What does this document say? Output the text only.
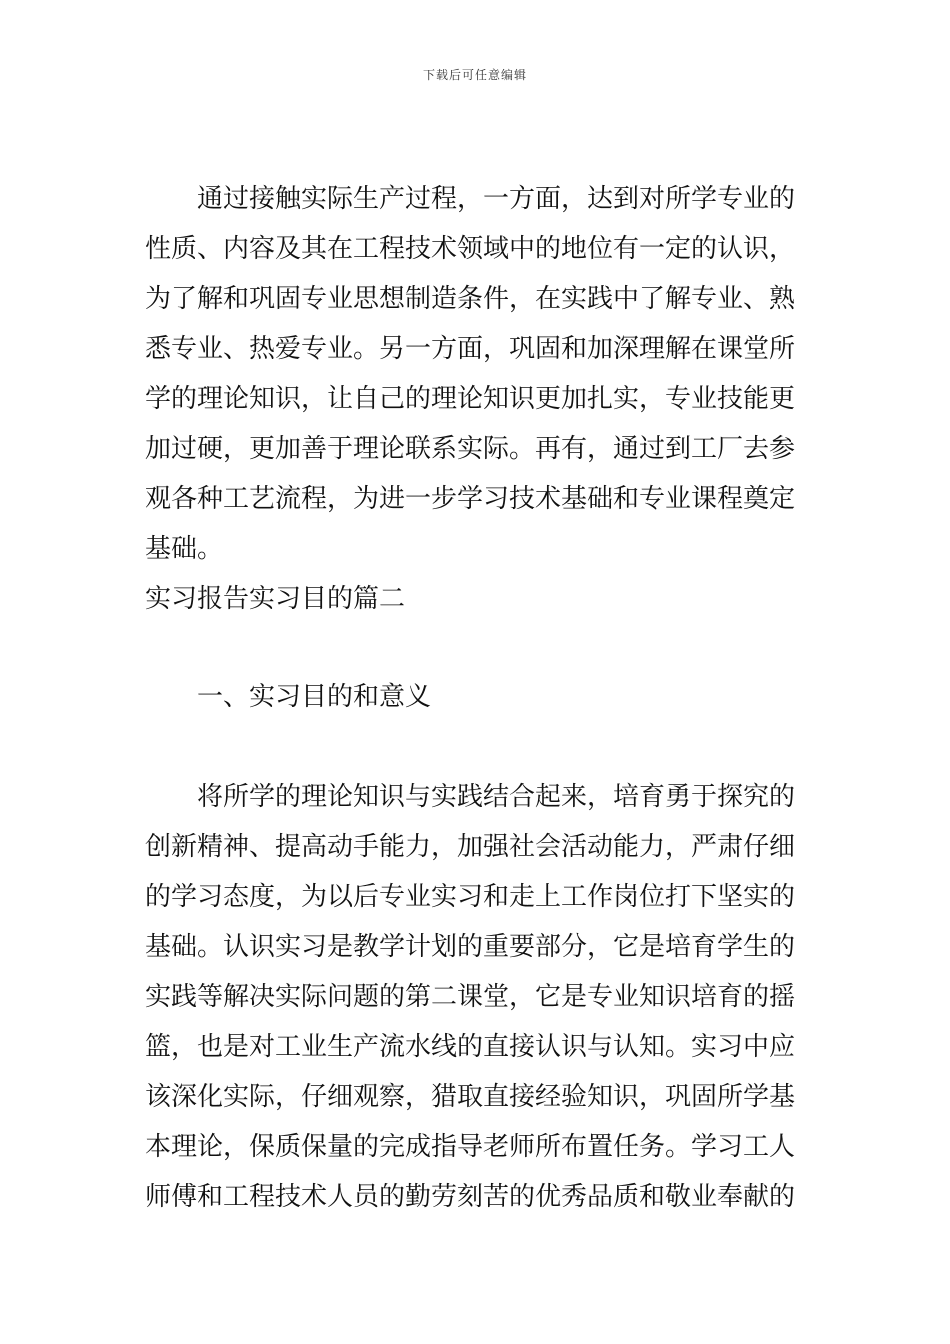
下载后可任意编辑
通过接触实际生产过程，一方面，达到对所学专业的
性质、内容及其在工程技术领域中的地位有一定的认识，
为了解和巩固专业思想制造条件，在实践中了解专业、熟
悉专业、热爱专业。另一方面，巩固和加深理解在课堂所
学的理论知识，让自己的理论知识更加扎实，专业技能更
加过硬，更加善于理论联系实际。再有，通过到工厂去参
观各种工艺流程，为进一步学习技术基础和专业课程奠定
基础。
实习报告实习目的篇二
一、实习目的和意义
将所学的理论知识与实践结合起来，培育勇于探究的
创新精神、提高动手能力，加强社会活动能力，严肃仔细
的学习态度，为以后专业实习和走上工作岗位打下坚实的
基础。认识实习是教学计划的重要部分，它是培育学生的
实践等解决实际问题的第二课堂，它是专业知识培育的摇
篮，也是对工业生产流水线的直接认识与认知。实习中应
该深化实际，仔细观察，猎取直接经验知识，巩固所学基
本理论，保质保量的完成指导老师所布置任务。学习工人
师傅和工程技术人员的勤劳刻苦的优秀品质和敬业奉献的
